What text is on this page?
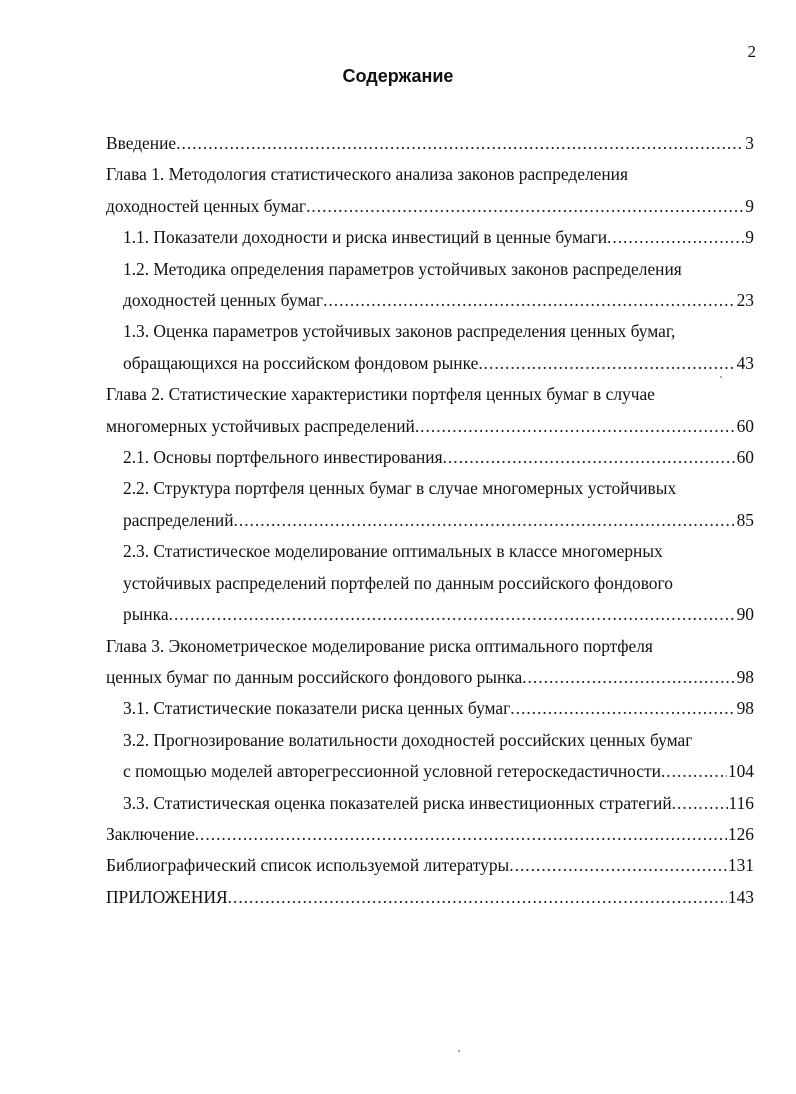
2
Содержание
Введение .....	3
Глава 1. Методология статистического анализа законов распределения
доходностей ценных бумаг .....	9
1.1. Показатели доходности и риска инвестиций в ценные бумаги .....	9
1.2. Методика определения параметров устойчивых законов распределения
доходностей ценных бумаг .....	23
1.3. Оценка параметров устойчивых законов распределения ценных бумаг,
обращающихся на российском фондовом рынке .....	43
Глава 2. Статистические характеристики портфеля ценных бумаг в случае
многомерных устойчивых распределений .....	60
2.1. Основы портфельного инвестирования .....	60
2.2. Структура портфеля ценных бумаг в случае многомерных устойчивых
распределений .....	85
2.3. Статистическое моделирование оптимальных в классе многомерных
устойчивых распределений портфелей по данным российского фондового
рынка .....	90
Глава 3. Эконометрическое моделирование риска оптимального портфеля
ценных бумаг по данным российского фондового рынка .....	98
3.1. Статистические показатели риска ценных бумаг .....	98
3.2. Прогнозирование волатильности доходностей российских ценных бумаг
с помощью моделей авторегрессионной условной гетероскедастичности .....	104
3.3. Статистическая оценка показателей риска инвестиционных стратегий .....	116
Заключение .....	126
Библиографический список используемой литературы .....	131
ПРИЛОЖЕНИЯ .....	143
